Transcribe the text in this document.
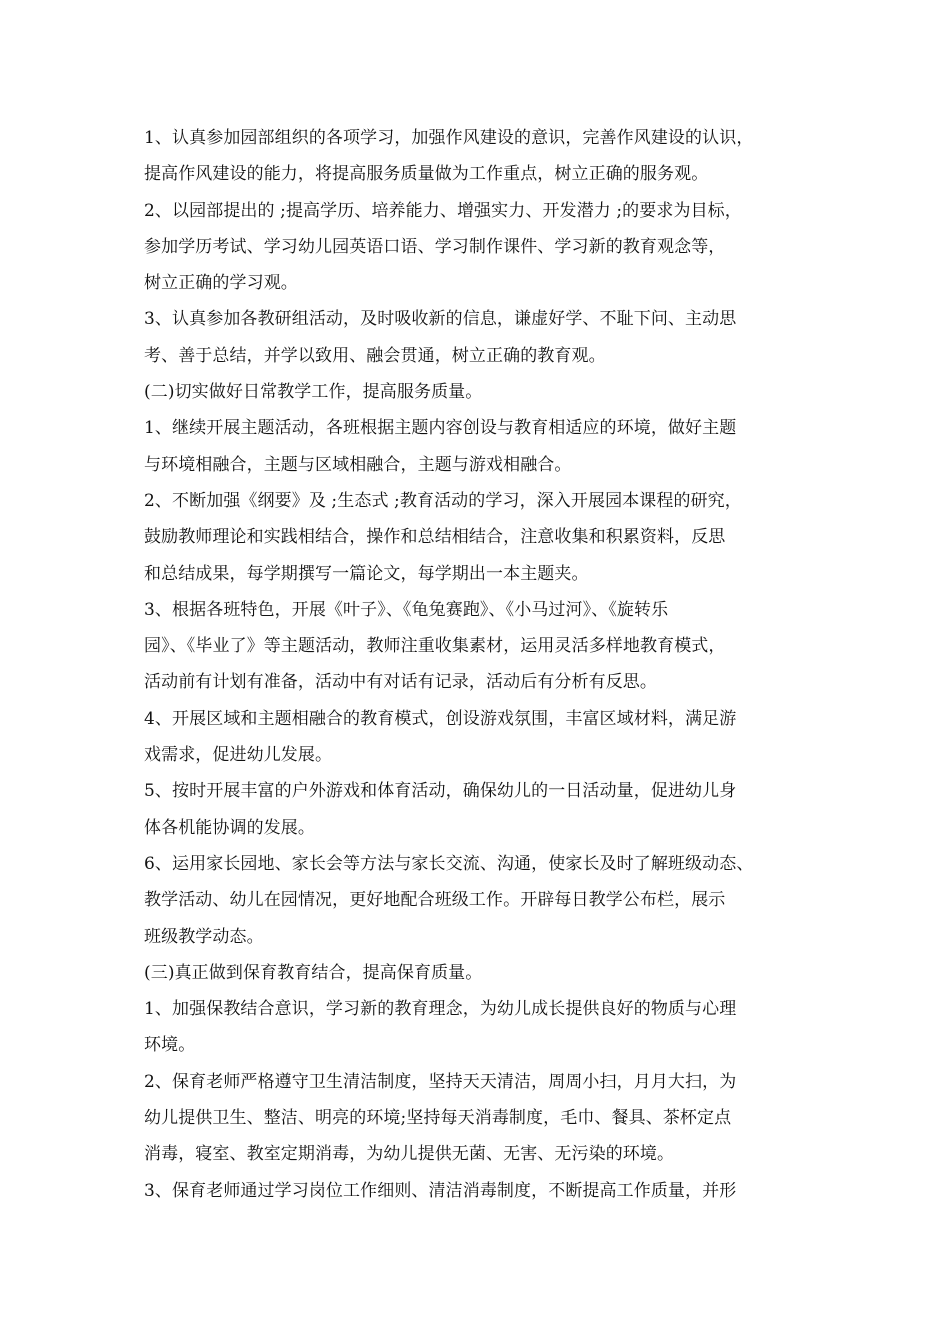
1、认真参加园部组织的各项学习，加强作风建设的意识，完善作风建设的认识，
提高作风建设的能力，将提高服务质量做为工作重点，树立正确的服务观。
2、以园部提出的 ;提高学历、培养能力、增强实力、开发潜力 ;的要求为目标，
参加学历考试、学习幼儿园英语口语、学习制作课件、学习新的教育观念等，
树立正确的学习观。
3、认真参加各教研组活动，及时吸收新的信息，谦虚好学、不耻下问、主动思
考、善于总结，并学以致用、融会贯通，树立正确的教育观。
(二)切实做好日常教学工作，提高服务质量。
1、继续开展主题活动，各班根据主题内容创设与教育相适应的环境，做好主题
与环境相融合，主题与区域相融合，主题与游戏相融合。
2、不断加强《纲要》及 ;生态式 ;教育活动的学习，深入开展园本课程的研究，
鼓励教师理论和实践相结合，操作和总结相结合，注意收集和积累资料，反思
和总结成果，每学期撰写一篇论文，每学期出一本主题夹。
3、根据各班特色，开展《叶子》、《龟兔赛跑》、《小马过河》、《旋转乐
园》、《毕业了》等主题活动，教师注重收集素材，运用灵活多样地教育模式，
活动前有计划有准备，活动中有对话有记录，活动后有分析有反思。
4、开展区域和主题相融合的教育模式，创设游戏氛围，丰富区域材料，满足游
戏需求，促进幼儿发展。
5、按时开展丰富的户外游戏和体育活动，确保幼儿的一日活动量，促进幼儿身
体各机能协调的发展。
6、运用家长园地、家长会等方法与家长交流、沟通，使家长及时了解班级动态、
教学活动、幼儿在园情况，更好地配合班级工作。开辟每日教学公布栏，展示
班级教学动态。
(三)真正做到保育教育结合，提高保育质量。
1、加强保教结合意识，学习新的教育理念，为幼儿成长提供良好的物质与心理
环境。
2、保育老师严格遵守卫生清洁制度，坚持天天清洁，周周小扫，月月大扫，为
幼儿提供卫生、整洁、明亮的环境;坚持每天消毒制度，毛巾、餐具、茶杯定点
消毒，寝室、教室定期消毒，为幼儿提供无菌、无害、无污染的环境。
3、保育老师通过学习岗位工作细则、清洁消毒制度，不断提高工作质量，并形
